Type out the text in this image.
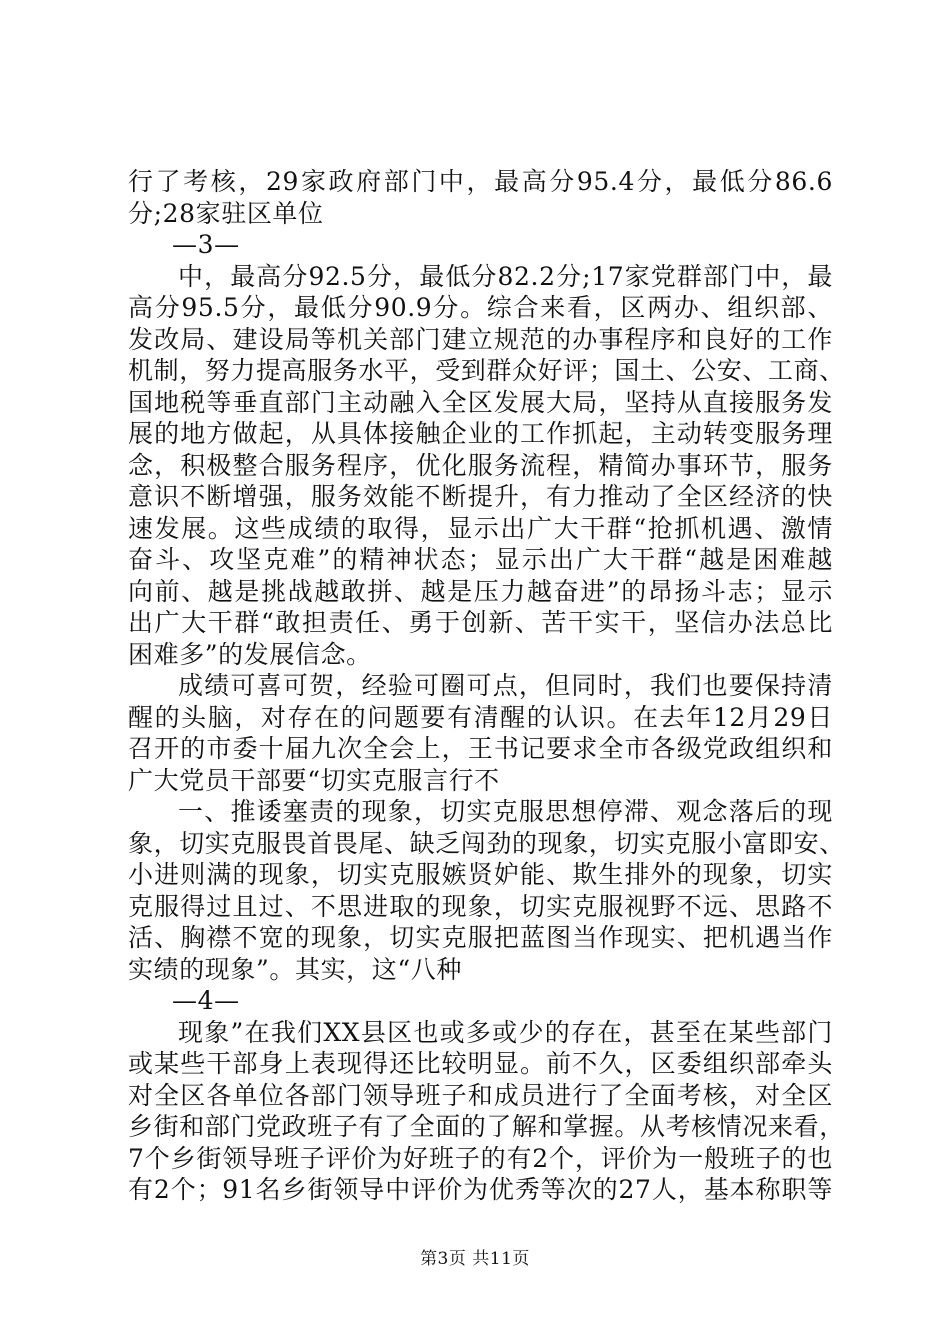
行了考核，29家政府部门中，最高分95.4分，最低分86.6
分;28家驻区单位
—3—
中，最高分92.5分，最低分82.2分;17家党群部门中，最
高分95.5分，最低分90.9分。综合来看，区两办、组织部、
发改局、建设局等机关部门建立规范的办事程序和良好的工作
机制，努力提高服务水平，受到群众好评；国土、公安、工商、
国地税等垂直部门主动融入全区发展大局，坚持从直接服务发
展的地方做起，从具体接触企业的工作抓起，主动转变服务理
念，积极整合服务程序，优化服务流程，精简办事环节，服务
意识不断增强，服务效能不断提升，有力推动了全区经济的快
速发展。这些成绩的取得，显示出广大干群“抢抓机遇、激情
奋斗、攻坚克难”的精神状态；显示出广大干群“越是困难越
向前、越是挑战越敢拼、越是压力越奋进”的昂扬斗志；显示
出广大干群“敢担责任、勇于创新、苦干实干，坚信办法总比
困难多”的发展信念。
成绩可喜可贺，经验可圈可点，但同时，我们也要保持清
醒的头脑，对存在的问题要有清醒的认识。在去年12月29日
召开的市委十届九次全会上，王书记要求全市各级党政组织和
广大党员干部要“切实克服言行不
一、推诿塞责的现象，切实克服思想停滞、观念落后的现
象，切实克服畏首畏尾、缺乏闯劲的现象，切实克服小富即安、
小进则满的现象，切实克服嫉贤妒能、欺生排外的现象，切实
克服得过且过、不思进取的现象，切实克服视野不远、思路不
活、胸襟不宽的现象，切实克服把蓝图当作现实、把机遇当作
实绩的现象”。其实，这“八种
—4—
现象”在我们XX县区也或多或少的存在，甚至在某些部门
或某些干部身上表现得还比较明显。前不久，区委组织部牵头
对全区各单位各部门领导班子和成员进行了全面考核，对全区
乡街和部门党政班子有了全面的了解和掌握。从考核情况来看，
7个乡街领导班子评价为好班子的有2个，评价为一般班子的也
有2个；91名乡街领导中评价为优秀等次的27人，基本称职等
第3页 共11页
